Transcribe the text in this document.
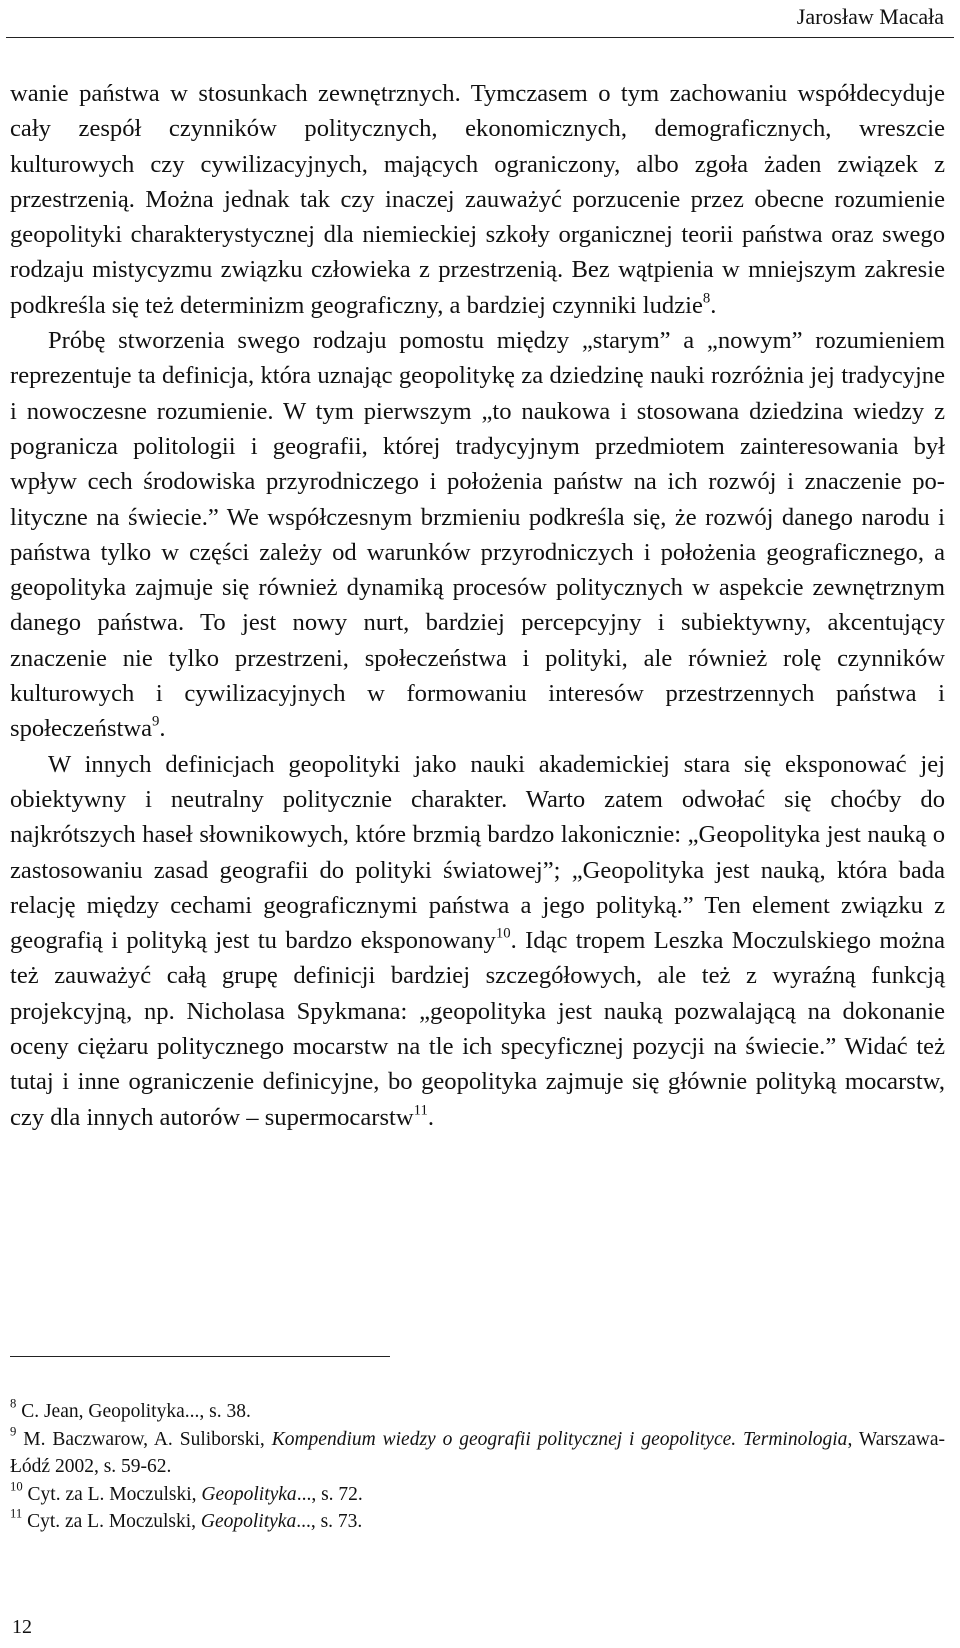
Jarosław Macała

wanie państwa w stosunkach zewnętrznych. Tymczasem o tym zachowaniu współdecyduje cały zespół czynników politycznych, ekonomicznych, demograficznych, wreszcie kulturowych czy cywilizacyjnych, mających ograniczony, albo zgoła żaden związek z przestrzenią. Można jednak tak czy inaczej zauważyć porzucenie przez obecne rozumienie geopolityki charakterystycznej dla niemieckiej szkoły organicznej teorii państwa oraz swego rodzaju mistycyzmu związku człowieka z przestrzenią. Bez wątpienia w mniejszym zakresie podkreśla się też determinizm geograficzny, a bardziej czynniki ludzie$^8$.

Próbę stworzenia swego rodzaju pomostu między „starym” a „nowym” rozumieniem reprezentuje ta definicja, która uznając geopolitykę za dziedzinę nauki rozróżnia jej tradycyjne i nowoczesne rozumienie. W tym pierwszym „to naukowa i stosowana dziedzina wiedzy z pogranicza politologii i geografii, której tradycyjnym przedmiotem zainteresowania był wpływ cech środowiska przyrodniczego i położenia państw na ich rozwój i znaczenie polityczne na świecie.” We współczesnym brzmieniu podkreśla się, że rozwój danego narodu i państwa tylko w części zależy od warunków przyrodniczych i położenia geograficznego, a geopolityka zajmuje się również dynamiką procesów politycznych w aspekcie zewnętrznym danego państwa. To jest nowy nurt, bardziej percepcyjny i subiektywny, akcentujący znaczenie nie tylko przestrzeni, społeczeństwa i polityki, ale również rolę czynników kulturowych i cywilizacyjnych w formowaniu interesów przestrzennych państwa i społeczeństwa$^9$.

W innych definicjach geopolityki jako nauki akademickiej stara się eksponować jej obiektywny i neutralny politycznie charakter. Warto zatem odwołać się choćby do najkrótszych haseł słownikowych, które brzmią bardzo lakonicznie: „Geopolityka jest nauką o zastosowaniu zasad geografii do polityki światowej”; „Geopolityka jest nauką, która bada relację między cechami geograficznymi państwa a jego polityką.” Ten element związku z geografią i polityką jest tu bardzo eksponowany$^{10}$. Idąc tropem Leszka Moczulskiego można też zauważyć całą grupę definicji bardziej szczegółowych, ale też z wyraźną funkcją projekcyjną, np. Nicholasa Spykmana: „geopolityka jest nauką pozwalającą na dokonanie oceny ciężaru politycznego mocarstw na tle ich specyficznej pozycji na świecie.” Widać też tutaj i inne ograniczenie definicyjne, bo geopolityka zajmuje się głównie polityką mocarstw, czy dla innych autorów – supermocarstw$^{11}$.

$^8$ C. Jean, Geopolityka..., s. 38.

$^9$ M. Baczwarow, A. Suliborski, Kompendium wiedzy o geografii politycznej i geopolityce. Terminologia, Warszawa-Łódź 2002, s. 59-62.

$^{10}$ Cyt. za L. Moczulski, Geopolityka..., s. 72.

$^{11}$ Cyt. za L. Moczulski, Geopolityka..., s. 73.

12
